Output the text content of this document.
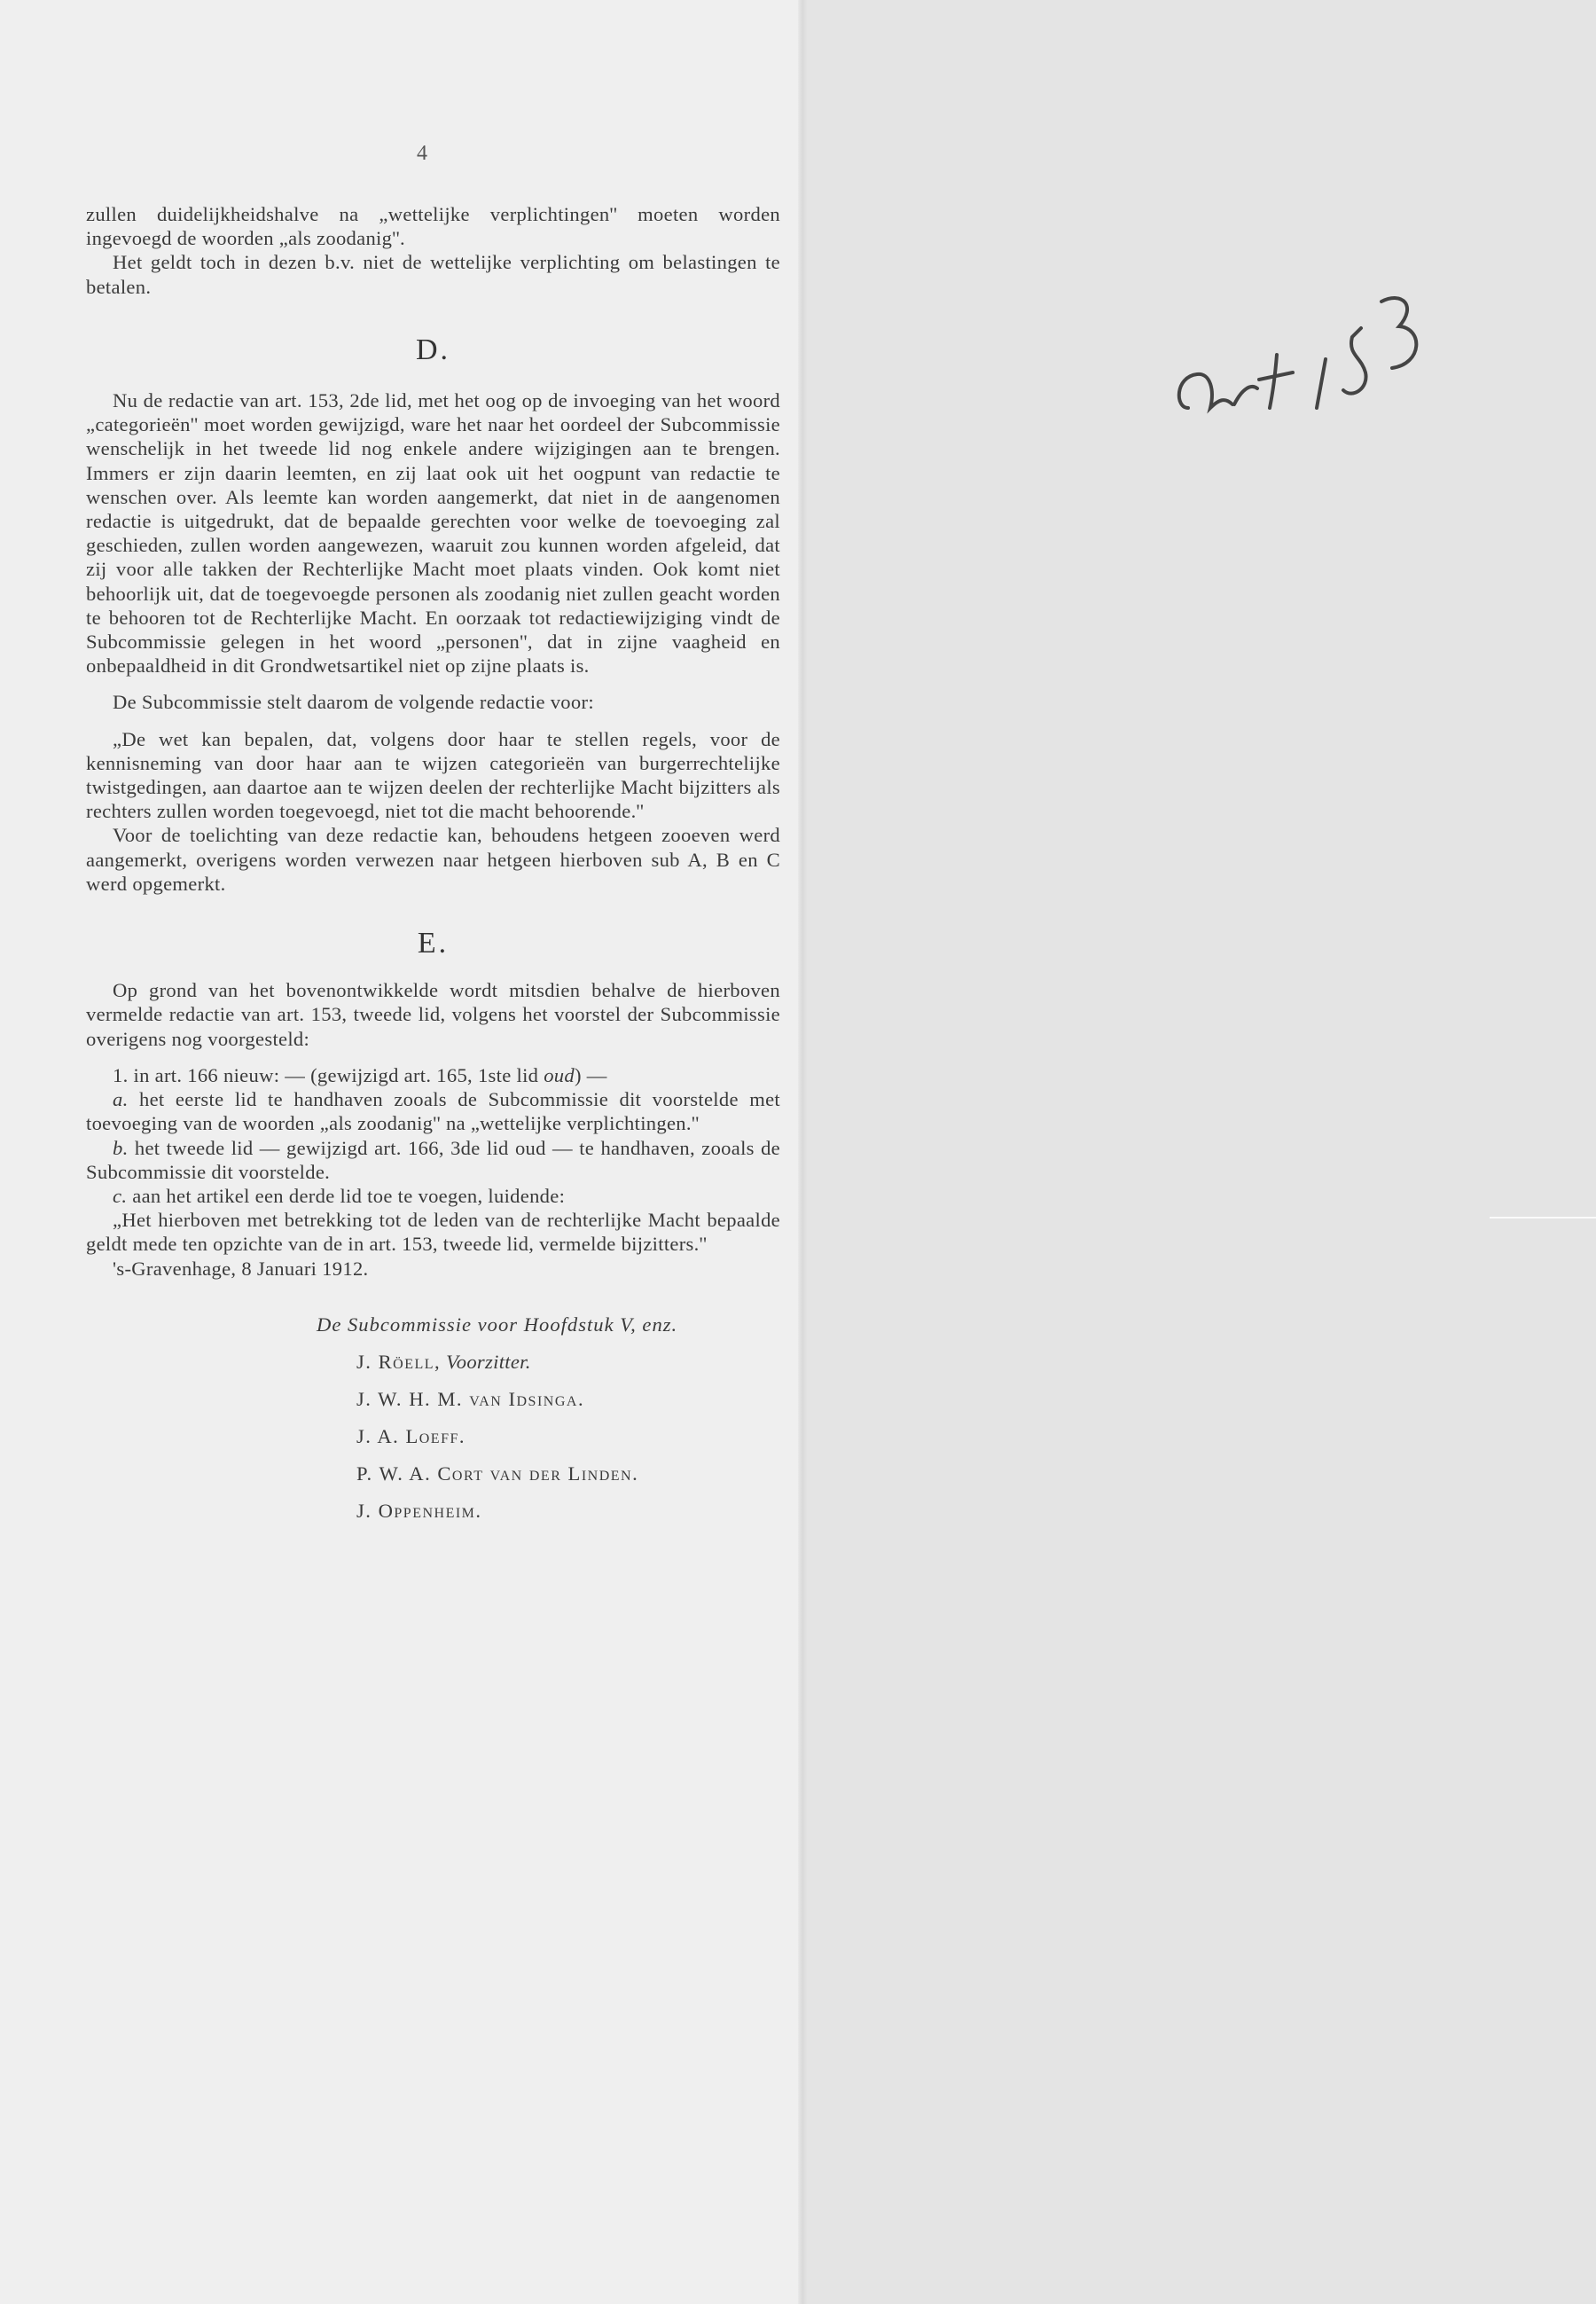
4

zullen duidelijkheidshalve na „wettelijke verplichtingen'' moeten worden ingevoegd de woorden „als zoodanig''.

Het geldt toch in dezen b.v. niet de wettelijke verplichting om belastingen te betalen.

D.

Nu de redactie van art. 153, 2de lid, met het oog op de invoeging van het woord „categorieën'' moet worden gewijzigd, ware het naar het oordeel der Subcommissie wenschelijk in het tweede lid nog enkele andere wijzigingen aan te brengen. Immers er zijn daarin leemten, en zij laat ook uit het oogpunt van redactie te wenschen over. Als leemte kan worden aangemerkt, dat niet in de aangenomen redactie is uitgedrukt, dat de bepaalde gerechten voor welke de toevoeging zal geschieden, zullen worden aangewezen, waaruit zou kunnen worden afgeleid, dat zij voor alle takken der Rechterlijke Macht moet plaats vinden. Ook komt niet behoorlijk uit, dat de toegevoegde personen als zoodanig niet zullen geacht worden te behooren tot de Rechterlijke Macht. En oorzaak tot redactiewijziging vindt de Subcommissie gelegen in het woord „personen'', dat in zijne vaagheid en onbepaaldheid in dit Grondwetsartikel niet op zijne plaats is.

De Subcommissie stelt daarom de volgende redactie voor:

„De wet kan bepalen, dat, volgens door haar te stellen regels, voor de kennisneming van door haar aan te wijzen categorieën van burgerrechtelijke twistgedingen, aan daartoe aan te wijzen deelen der rechterlijke Macht bijzitters als rechters zullen worden toegevoegd, niet tot die macht behoorende.''

Voor de toelichting van deze redactie kan, behoudens hetgeen zooeven werd aangemerkt, overigens worden verwezen naar hetgeen hierboven sub A, B en C werd opgemerkt.

E.

Op grond van het bovenontwikkelde wordt mitsdien behalve de hierboven vermelde redactie van art. 153, tweede lid, volgens het voorstel der Subcommissie overigens nog voorgesteld:

1. in art. 166 nieuw: — (gewijzigd art. 165, 1ste lid oud) —

a. het eerste lid te handhaven zooals de Subcommissie dit voorstelde met toevoeging van de woorden „als zoodanig'' na „wettelijke verplichtingen.''

b. het tweede lid — gewijzigd art. 166, 3de lid oud — te handhaven, zooals de Subcommissie dit voorstelde.

c. aan het artikel een derde lid toe te voegen, luidende:

„Het hierboven met betrekking tot de leden van de rechterlijke Macht bepaalde geldt mede ten opzichte van de in art. 153, tweede lid, vermelde bijzitters.''

's-Gravenhage, 8 Januari 1912.

De Subcommissie voor Hoofdstuk V, enz.
J. Röell, Voorzitter.
J. W. H. M. van Idsinga.
J. A. Loeff.
P. W. A. Cort van der Linden.
J. Oppenheim.
